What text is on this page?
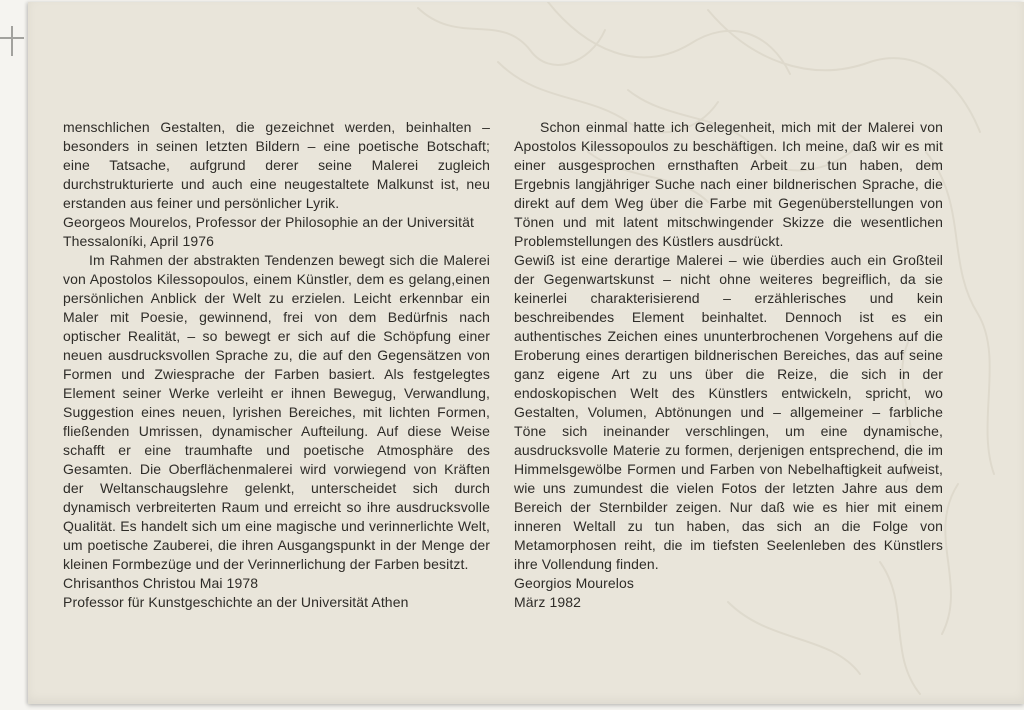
menschlichen Gestalten, die gezeichnet werden, beinhalten – besonders in seinen letzten Bildern – eine poetische Botschaft; eine Tatsache, aufgrund derer seine Malerei zugleich durchstrukturierte und auch eine neugestaltete Malkunst ist, neu erstanden aus feiner und persönlicher Lyrik.

Georgeos Mourelos, Professor der Philosophie an der Universität Thessaloníki, April 1976

Im Rahmen der abstrakten Tendenzen bewegt sich die Malerei von Apostolos Kilessopoulos, einem Künstler, dem es gelang,einen persönlichen Anblick der Welt zu erzielen. Leicht erkennbar ein Maler mit Poesie, gewinnend, frei von dem Bedürfnis nach optischer Realität, – so bewegt er sich auf die Schöpfung einer neuen ausdrucksvollen Sprache zu, die auf den Gegensätzen von Formen und Zwiesprache der Farben basiert. Als festgelegtes Element seiner Werke verleiht er ihnen Bewegug, Verwandlung, Suggestion eines neuen, lyrishen Bereiches, mit lichten Formen, fließenden Umrissen, dynamischer Aufteilung. Auf diese Weise schafft er eine traumhafte und poetische Atmosphäre des Gesamten. Die Oberflächenmalerei wird vorwiegend von Kräften der Weltanschaugslehre gelenkt, unterscheidet sich durch dynamisch verbreiterten Raum und erreicht so ihre ausdrucksvolle Qualität. Es handelt sich um eine magische und verinnerlichte Welt, um poetische Zauberei, die ihren Ausgangspunkt in der Menge der kleinen Formbezüge und der Verinnerlichung der Farben besitzt.

Chrisanthos Christou Mai 1978

Professor für Kunstgeschichte an der Universität Athen

Schon einmal hatte ich Gelegenheit, mich mit der Malerei von Apostolos Kilessopoulos zu beschäftigen. Ich meine, daß wir es mit einer ausgesprochen ernsthaften Arbeit zu tun haben, dem Ergebnis langjähriger Suche nach einer bildnerischen Sprache, die direkt auf dem Weg über die Farbe mit Gegenüberstellungen von Tönen und mit latent mitschwingender Skizze die wesentlichen Problemstellungen des Küstlers ausdrückt.

Gewiß ist eine derartige Malerei – wie überdies auch ein Großteil der Gegenwartskunst – nicht ohne weiteres begreiflich, da sie keinerlei charakterisierend – erzählerisches und kein beschreibendes Element beinhaltet. Dennoch ist es ein authentisches Zeichen eines ununterbrochenen Vorgehens auf die Eroberung eines derartigen bildnerischen Bereiches, das auf seine ganz eigene Art zu uns über die Reize, die sich in der endoskopischen Welt des Künstlers entwickeln, spricht, wo Gestalten, Volumen, Abtönungen und – allgemeiner – farbliche Töne sich ineinander verschlingen, um eine dynamische, ausdrucksvolle Materie zu formen, derjenigen entsprechend, die im Himmelsgewölbe Formen und Farben von Nebelhaftigkeit aufweist, wie uns zumundest die vielen Fotos der letzten Jahre aus dem Bereich der Sternbilder zeigen. Nur daß wie es hier mit einem inneren Weltall zu tun haben, das sich an die Folge von Metamorphosen reiht, die im tiefsten Seelenleben des Künstlers ihre Vollendung finden.

Georgios Mourelos

März 1982
